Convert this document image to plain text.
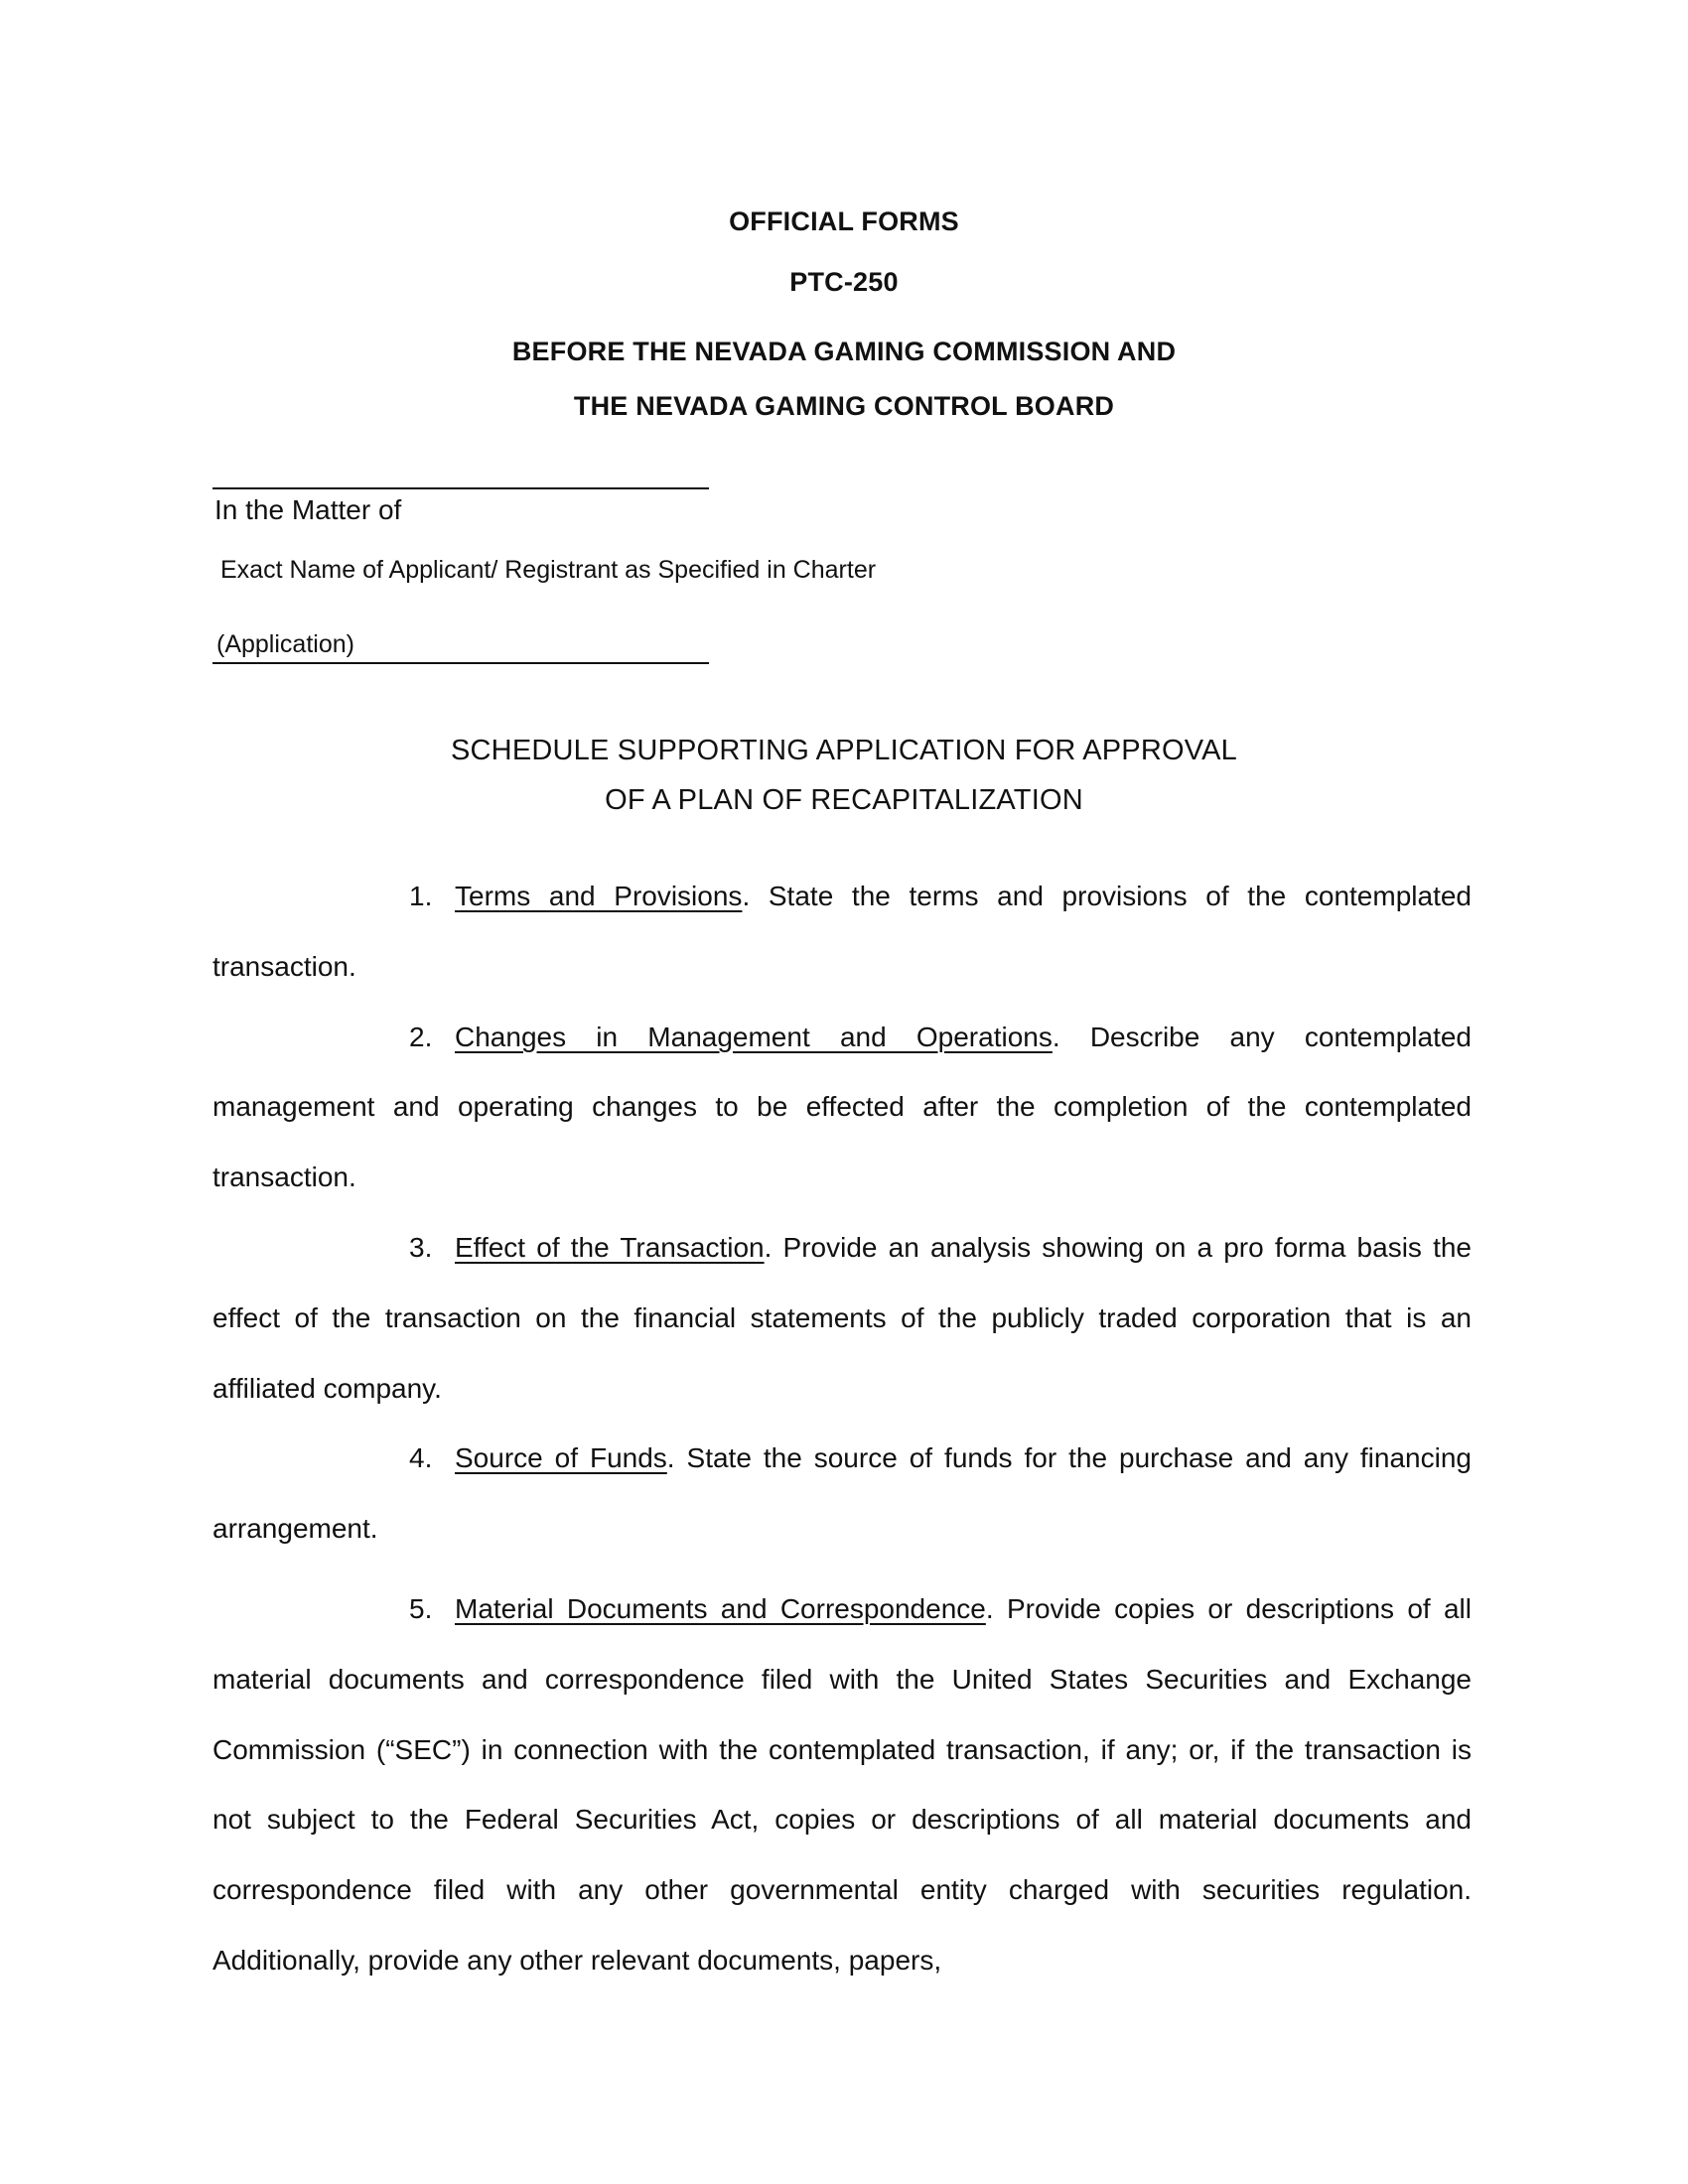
OFFICIAL FORMS
PTC-250
BEFORE THE NEVADA GAMING COMMISSION AND
THE NEVADA GAMING CONTROL BOARD
In the Matter of
Exact Name of Applicant/ Registrant as Specified in Charter
(Application)
SCHEDULE SUPPORTING APPLICATION FOR APPROVAL
OF A PLAN OF RECAPITALIZATION

1. Terms and Provisions. State the terms and provisions of the contemplated transaction.

2. Changes in Management and Operations. Describe any contemplated management and operating changes to be effected after the completion of the contemplated transaction.

3. Effect of the Transaction. Provide an analysis showing on a pro forma basis the effect of the transaction on the financial statements of the publicly traded corporation that is an affiliated company.

4. Source of Funds. State the source of funds for the purchase and any financing arrangement.

5. Material Documents and Correspondence. Provide copies or descriptions of all material documents and correspondence filed with the United States Securities and Exchange Commission (“SEC”) in connection with the contemplated transaction, if any; or, if the transaction is not subject to the Federal Securities Act, copies or descriptions of all material documents and correspondence filed with any other governmental entity charged with securities regulation. Additionally, provide any other relevant documents, papers,
